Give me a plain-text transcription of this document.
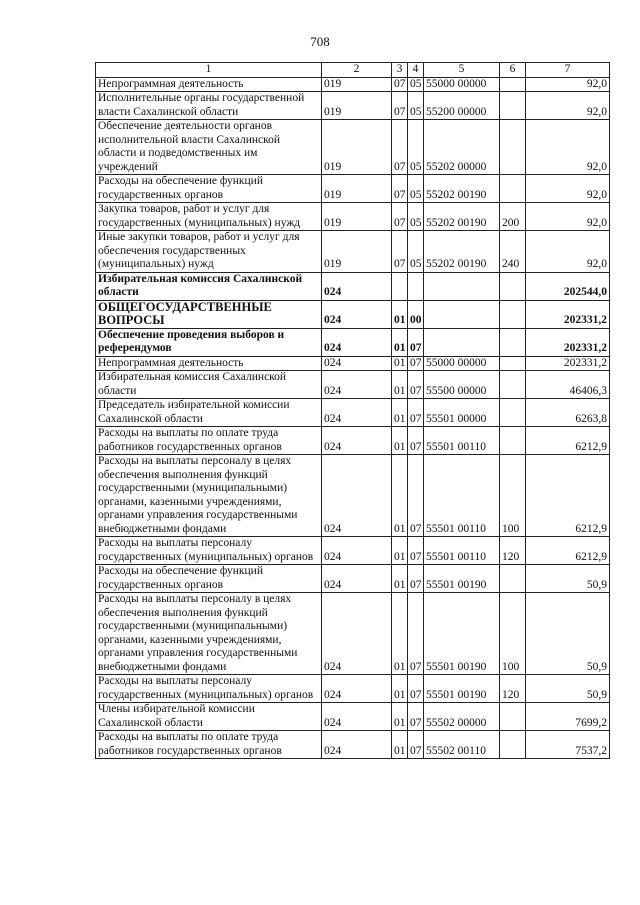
708
1	2	3	4	5	6	7
Непрограммная деятельность	019	07	05	55000 00000		92,0
Исполнительные органы государственной власти Сахалинской области	019	07	05	55200 00000		92,0
Обеспечение деятельности органов исполнительной власти Сахалинской области и подведомственных им учреждений	019	07	05	55202 00000		92,0
Расходы на обеспечение функций государственных органов	019	07	05	55202 00190		92,0
Закупка товаров, работ и услуг для государственных (муниципальных) нужд	019	07	05	55202 00190	200	92,0
Иные закупки товаров, работ и услуг для обеспечения государственных (муниципальных) нужд	019	07	05	55202 00190	240	92,0
Избирательная комиссия Сахалинской области	024					202544,0
ОБЩЕГОСУДАРСТВЕННЫЕ ВОПРОСЫ	024	01	00			202331,2
Обеспечение проведения выборов и референдумов	024	01	07			202331,2
Непрограммная деятельность	024	01	07	55000 00000		202331,2
Избирательная комиссия Сахалинской области	024	01	07	55500 00000		46406,3
Председатель избирательной комиссии Сахалинской области	024	01	07	55501 00000		6263,8
Расходы на выплаты по оплате труда работников государственных органов	024	01	07	55501 00110		6212,9
Расходы на выплаты персоналу в целях обеспечения выполнения функций государственными (муниципальными) органами, казенными учреждениями, органами управления государственными внебюджетными фондами	024	01	07	55501 00110	100	6212,9
Расходы на выплаты персоналу государственных (муниципальных) органов	024	01	07	55501 00110	120	6212,9
Расходы на обеспечение функций государственных органов	024	01	07	55501 00190		50,9
Расходы на выплаты персоналу в целях обеспечения выполнения функций государственными (муниципальными) органами, казенными учреждениями, органами управления государственными внебюджетными фондами	024	01	07	55501 00190	100	50,9
Расходы на выплаты персоналу государственных (муниципальных) органов	024	01	07	55501 00190	120	50,9
Члены избирательной комиссии Сахалинской области	024	01	07	55502 00000		7699,2
Расходы на выплаты по оплате труда работников государственных органов	024	01	07	55502 00110		7537,2
